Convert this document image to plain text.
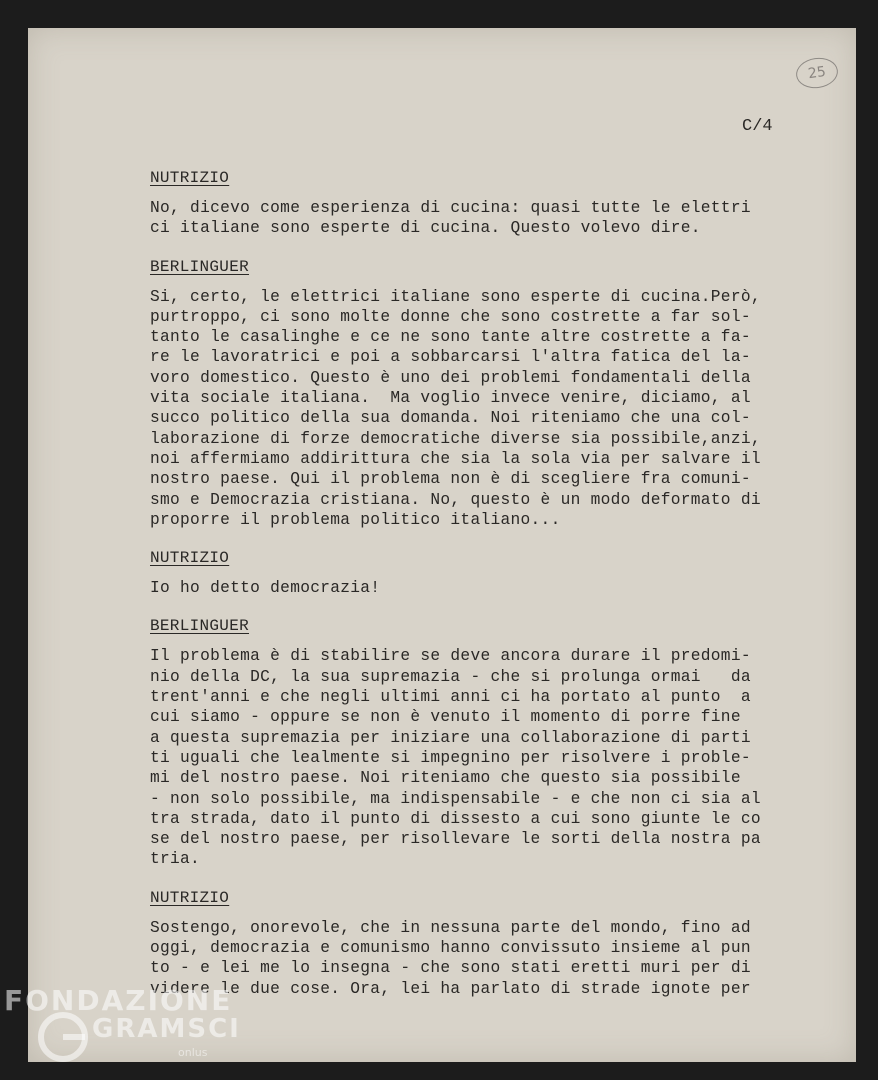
25
C/4
NUTRIZIO
No, dicevo come esperienza di cucina: quasi tutte le elettri
ci italiane sono esperte di cucina. Questo volevo dire.
BERLINGUER
Si, certo, le elettrici italiane sono esperte di cucina.Però,
purtroppo, ci sono molte donne che sono costrette a far sol-
tanto le casalinghe e ce ne sono tante altre costrette a fa-
re le lavoratrici e poi a sobbarcarsi l'altra fatica del la-
voro domestico. Questo è uno dei problemi fondamentali della
vita sociale italiana.  Ma voglio invece venire, diciamo, al
succo politico della sua domanda. Noi riteniamo che una col-
laborazione di forze democratiche diverse sia possibile,anzi,
noi affermiamo addirittura che sia la sola via per salvare il
nostro paese. Qui il problema non è di scegliere fra comuni-
smo e Democrazia cristiana. No, questo è un modo deformato di
proporre il problema politico italiano...
NUTRIZIO
Io ho detto democrazia!
BERLINGUER
Il problema è di stabilire se deve ancora durare il predomi-
nio della DC, la sua supremazia - che si prolunga ormai   da
trent'anni e che negli ultimi anni ci ha portato al punto  a
cui siamo - oppure se non è venuto il momento di porre fine
a questa supremazia per iniziare una collaborazione di parti
ti uguali che lealmente si impegnino per risolvere i proble-
mi del nostro paese. Noi riteniamo che questo sia possibile
- non solo possibile, ma indispensabile - e che non ci sia al
tra strada, dato il punto di dissesto a cui sono giunte le co
se del nostro paese, per risollevare le sorti della nostra pa
tria.
NUTRIZIO
Sostengo, onorevole, che in nessuna parte del mondo, fino ad
oggi, democrazia e comunismo hanno convissuto insieme al pun
to - e lei me lo insegna - che sono stati eretti muri per di
videre le due cose. Ora, lei ha parlato di strade ignote per
FONDAZIONE
GRAMSCI
onlus
